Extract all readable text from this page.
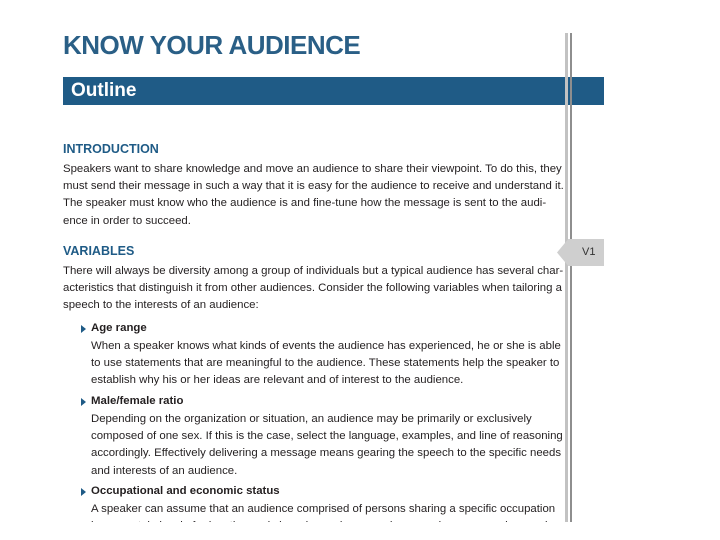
KNOW YOUR AUDIENCE
Outline
V1
INTRODUCTION

Speakers want to share knowledge and move an audience to share their viewpoint. To do this, they
must send their message in such a way that it is easy for the audience to receive and understand it.
The speaker must know who the audience is and fine-tune how the message is sent to the audi-
ence in order to succeed.

VARIABLES

There will always be diversity among a group of individuals but a typical audience has several char-
acteristics that distinguish it from other audiences. Consider the following variables when tailoring a
speech to the interests of an audience:

Age range

When a speaker knows what kinds of events the audience has experienced, he or she is able
to use statements that are meaningful to the audience. These statements help the speaker to
establish why his or her ideas are relevant and of interest to the audience.

Male/female ratio

Depending on the organization or situation, an audience may be primarily or exclusively
composed of one sex. If this is the case, select the language, examples, and line of reasoning
accordingly. Effectively delivering a message means gearing the speech to the specific needs
and interests of an audience.

Occupational and economic status

A speaker can assume that an audience comprised of persons sharing a specific occupation
